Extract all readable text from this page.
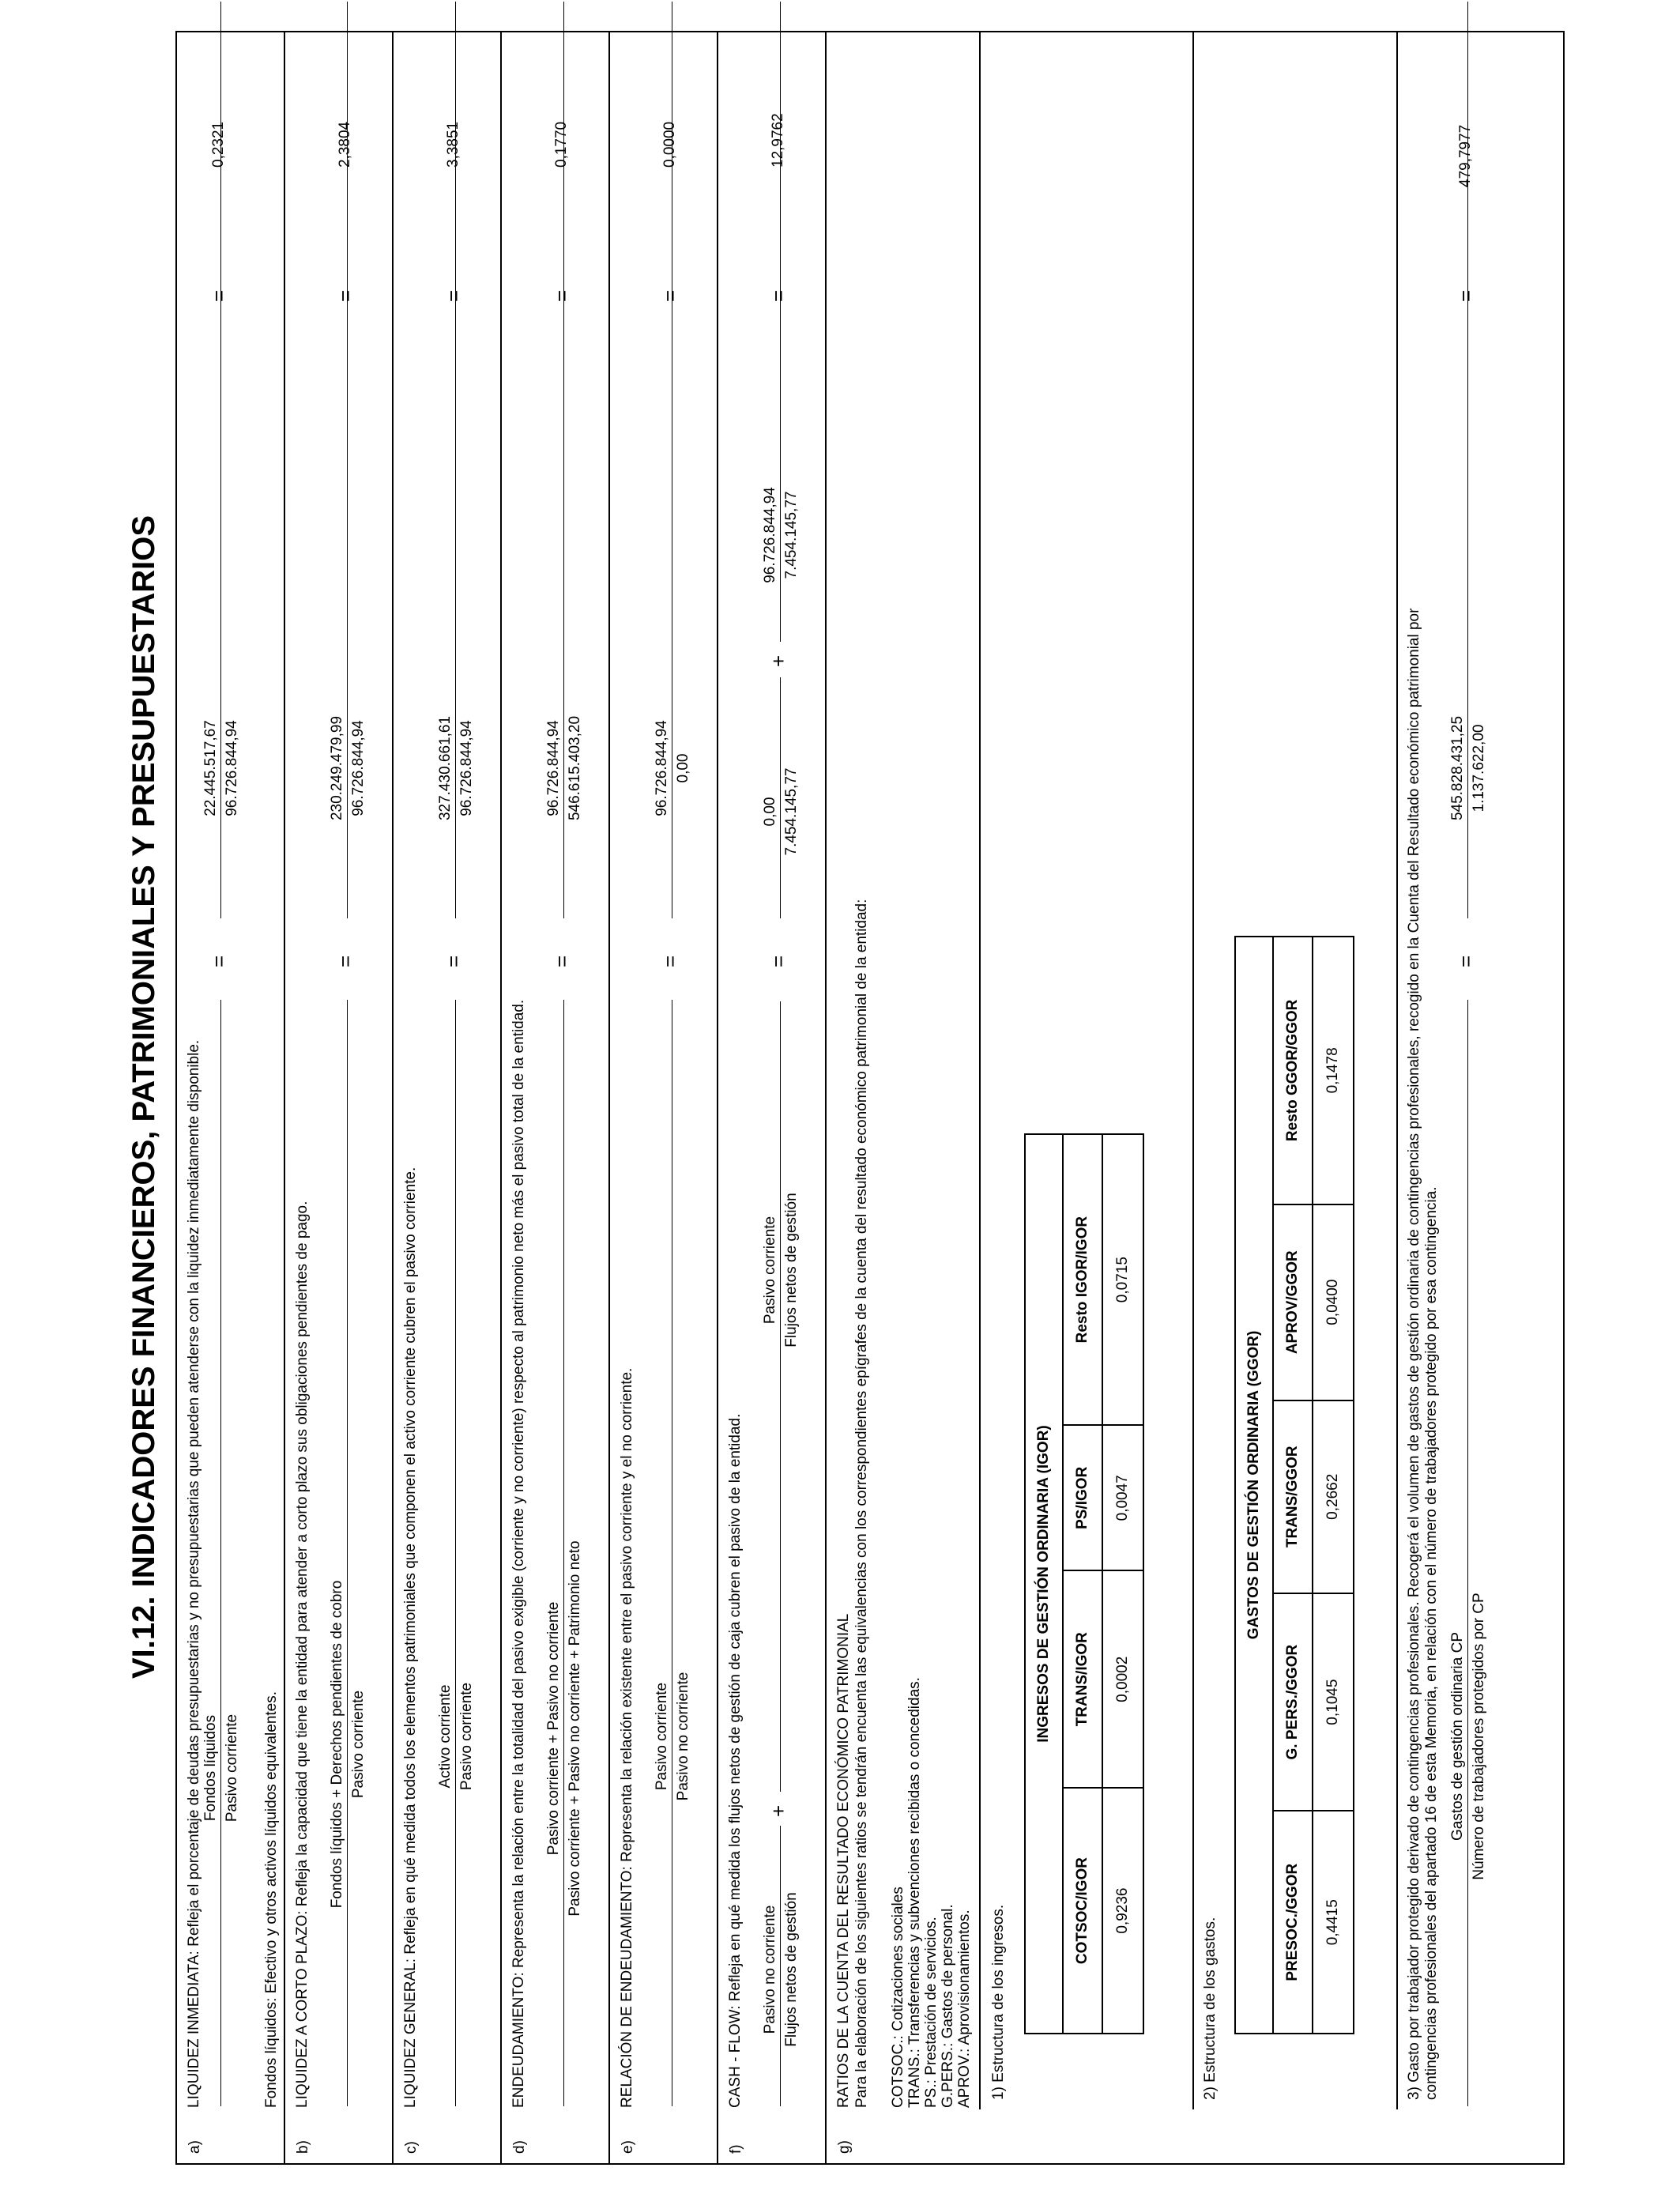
VI.12. INDICADORES FINANCIEROS, PATRIMONIALES Y PRESUPUESTARIOS
a)
LIQUIDEZ INMEDIATA: Refleja el porcentaje de deudas presupuestarias y no presupuestarias que pueden atenderse con la liquidez inmediatamente disponible. Fondos líquidos Pasivo corriente
=
22.445.517,67 96.726.844,94
=
0,2321
Fondos líquidos: Efectivo y otros activos líquidos equivalentes.
b)
LIQUIDEZ A CORTO PLAZO: Refleja la capacidad que tiene la entidad para atender a corto plazo sus obligaciones pendientes de pago. Fondos líquidos + Derechos pendientes de cobro Pasivo corriente
=
230.249.479,99 96.726.844,94
=
2,3804
c)
LIQUIDEZ GENERAL: Refleja en qué medida todos los elementos patrimoniales que componen el activo corriente cubren el pasivo corriente. Activo corriente Pasivo corriente
=
327.430.661,61 96.726.844,94
=
3,3851
d)
ENDEUDAMIENTO: Representa la relación entre la totalidad del pasivo exigible (corriente y no corriente) respecto al patrimonio neto más el pasivo total de la entidad. Pasivo corriente + Pasivo no corriente Pasivo corriente + Pasivo no corriente + Patrimonio neto
=
96.726.844,94 546.615.403,20
=
0,1770
e)
RELACIÓN DE ENDEUDAMIENTO: Representa la relación existente entre el pasivo corriente y el no corriente. Pasivo corriente Pasivo no corriente
=
96.726.844,94 0,00
=
0,0000
f)
CASH - FLOW: Refleja en qué medida los flujos netos de gestión de caja cubren el pasivo de la entidad. Pasivo no corriente Flujos netos de gestión
+
Pasivo corriente Flujos netos de gestión
=
0,00 7.454.145,77
+
96.726.844,94 7.454.145,77
=
12,9762
g)
RATIOS DE LA CUENTA DEL RESULTADO ECONÓMICO PATRIMONIAL Para la elaboración de los siguientes ratios se tendrán encuenta las equivalencias con los correspondientes epígrafes de la cuenta del resultado económico patrimonial de la entidad: COTSOC.: Cotizaciones sociales TRANS.: Transferencias y subvenciones recibidas o concedidas. PS.: Prestación de servicios. G.PERS.: Gastos de personal. APROV.: Aprovisionamientos. 1) Estructura de los ingresos.
INGRESOS DE GESTIÓN ORDINARIA (IGOR)			
COTSOC/IGOR	TRANS/IGOR	PS/IGOR	Resto IGOR/IGOR
0,9236	0,0002	0,0047	0,0715
2) Estructura de los gastos.
GASTOS DE GESTIÓN ORDINARIA (GGOR)				
PRESOC./GGOR	G. PERS./GGOR	TRANS/GGOR	APROV/GGOR	Resto GGOR/GGOR
0,4415	0,1045	0,2662	0,0400	0,1478	3) Gasto por trabajador protegido derivado de contingencias profesionales. Recogerá el volumen de gastos de gestión ordinaria de contingencias profesionales, recogido en la Cuenta del Resultado económico patrimonial por contingencias profesionales del apartado 16 de esta Memoria, en relación con el número de trabajadores protegido por esa contingencia. Gastos de gestión ordinaria CP Número de trabajadores protegidos por CP
=
545.828.431,25 1.137.622,00
=
479,7977
